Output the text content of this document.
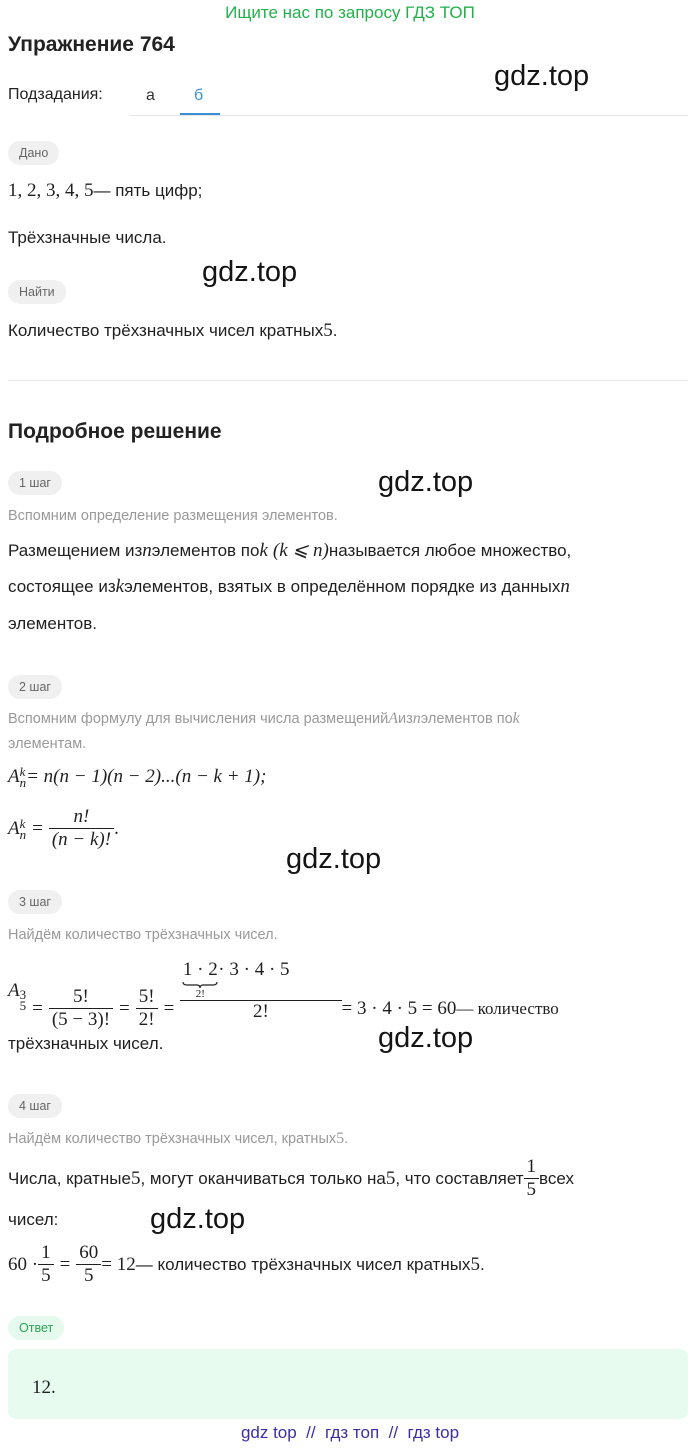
Ищите нас по запросу ГДЗ ТОП
Упражнение 764
gdz.top
gdz.top
gdz.top
gdz.top
gdz.top
gdz.top
Подзадания:	а б
Дано
1, 2, 3, 4, 5 — пять цифр;
Трёхзначные числа.
Найти
Количество трёхзначных чисел кратных 5 .
Подробное решение
1 шаг
Вспомним определение размещения элементов.
Размещением из n элементов по k (k ⩽ n) называется любое множество,
состоящее из k элементов, взятых в определённом порядке из данных n
элементов.
2 шаг
Вспомним формулу для вычисления числа размещений A из n элементов по k
элементам.
A k
n = n(n − 1)(n − 2)...(n − k + 1);
A k
$n = \frac{n!}{(n - k)!}$ .
3 шаг
Найдём количество трёхзначных чисел.
A 3
$5 = \frac{5!}{(5 - 3)!} = \frac{5!}{2!} = 1 \cdot 2$
2!
· 3 · 4 · 5
2! = 3 · 4 · 5 = 60 — количество
трёхзначных чисел.
4 шаг
Найдём количество трёхзначных чисел, кратных 5 .
Числа, кратные 5 , могут оканчиваться только на 5 , что составляет $\frac{1}{5}$ всех
чисел:
$60 \cdot \frac{1}{5} = \frac{60}{5} = 12$ — количество трёхзначных чисел кратных 5 .
Ответ
12.
gdz top  //  гдз топ  //  гдз top
